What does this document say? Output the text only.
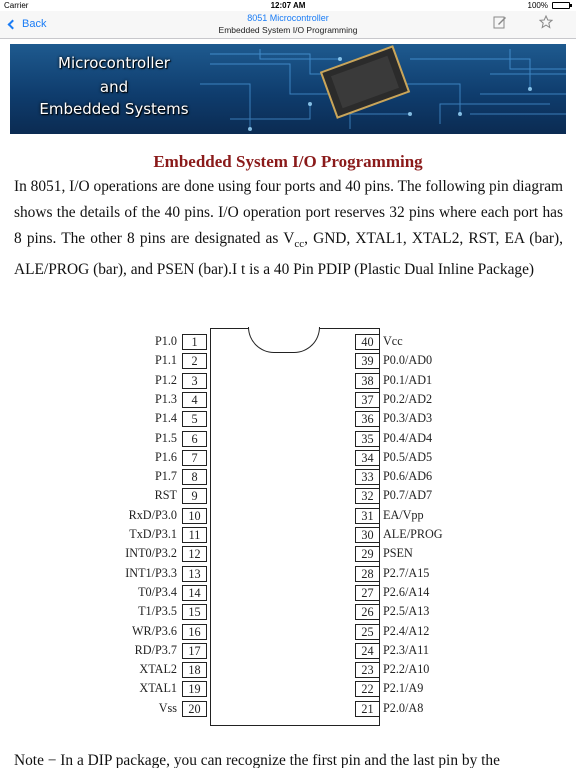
Carrier	12:07 AM	100%
Back	8051 Microcontroller
Embedded System I/O Programming
Microcontroller
and
Embedded Systems
Embedded System I/O Programming
In 8051, I/O operations are done using four ports and 40 pins. The following pin diagram shows the details of the 40 pins. I/O operation port reserves 32 pins where each port has 8 pins. The other 8 pins are designated as $V_{cc}$, GND, XTAL1, XTAL2, RST, EA (bar), ALE/PROG (bar), and PSEN (bar).I t is a 40 Pin PDIP (Plastic Dual Inline Package)
P1.0	1
P1.1	2
P1.2	3
P1.3	4
P1.4	5
P1.5	6
P1.6	7
P1.7	8
RST	9
RxD/P3.0 10
TxD/P3.1 11
INT0/P3.2 12
INT1/P3.3 13
T0/P3.4 14
T1/P3.5 15
WR/P3.6 16
RD/P3.7 17
XTAL2 18
XTAL1 19
Vss 20
40 Vcc
39 P0.0/AD0
38 P0.1/AD1
37 P0.2/AD2
36 P0.3/AD3
35 P0.4/AD4
34 P0.5/AD5
33 P0.6/AD6
32 P0.7/AD7
31 EA/Vpp
30 ALE/PROG
29 PSEN
28 P2.7/A15
27 P2.6/A14
26 P2.5/A13
25 P2.4/A12
24 P2.3/A11
23 P2.2/A10
22 P2.1/A9
21 P2.0/A8
Note − In a DIP package, you can recognize the first pin and the last pin by the
